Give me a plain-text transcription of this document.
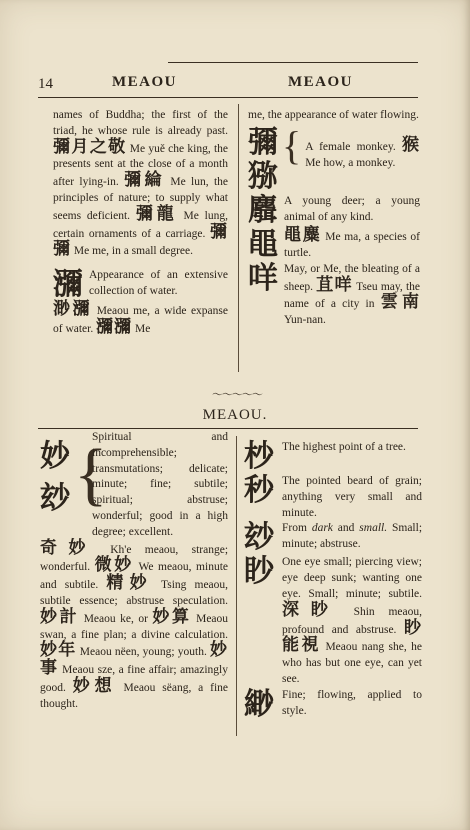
14	MEAOU	MEAOU

names of Buddha; the first of the triad, he whose rule is already past. 彌月之敬 Me yuě che king, the presents sent at the close of a month after lying-in. 彌綸 Me lun, the principles of nature; to supply what seems deficient. 彌龍 Me lung, certain ornaments of a carriage. 彌彌 Me me, in a small degree.

瀰 Appearance of an extensive collection of water.

渺瀰 Meaou me, a wide expanse of water. 瀰瀰 Me

me, the appearance of water flowing.

彌
猕
{ A female monkey. 猴 Me how, a monkey.

麛 A young deer; a young animal of any kind.

黽 黽麋 Me ma, a species of turtle.

咩 May, or Me, the bleating of a sheep. 苴咩 Tseu may, the name of a city in 雲南 Yun-nan.

〜〜〜〜〜
MEAOU.
妙
玅 {

Spiritual and incomprehensible; transmutations; delicate; minute; fine; subtile; spiritual; abstruse; wonderful; good in a high degree; excellent.

奇妙 Kh'e meaou, strange; wonderful. 微妙 We meaou, minute and subtile. 精妙 Tsing meaou, subtile essence; abstruse speculation. 妙計 Meaou ke, or 妙算 Meaou swan, a fine plan; a divine calculation. 妙年 Meaou nëen, young; youth. 妙事 Meaou sze, a fine affair; amazingly good. 妙想 Meaou sëang, a fine thought.

杪 The highest point of a tree.

秒 The pointed beard of grain; anything very small and minute.

玅 From dark and small. Small; minute; abstruse.

眇 One eye small; piercing view; eye deep sunk; wanting one eye. Small; minute; subtile. 深眇 Shin meaou, profound and abstruse. 眇能視 Meaou nang she, he who has but one eye, can yet see.

緲 Fine; flowing, applied to style.
